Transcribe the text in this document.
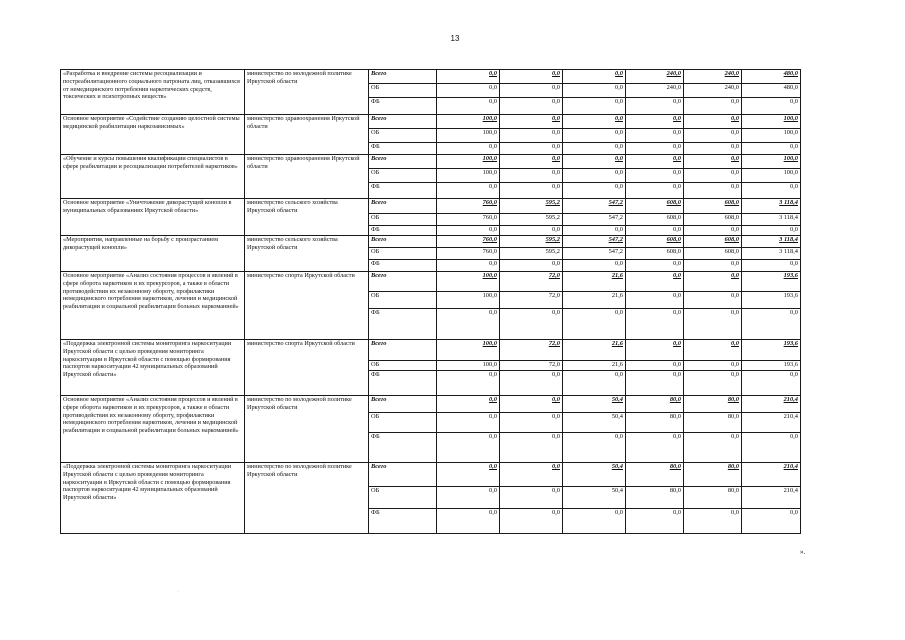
13
«Разработка и внедрение системы ресоциализации и постреабилитационного социального патроната лиц, отказавшихся от немедицинского потребления наркотических средств, токсических и психотропных веществ»	министерство по молодежной политике Иркутской области	Всего	0,0	0,0	0,0	240,0	240,0	480,0
		ОБ	0,0	0,0	0,0	240,0	240,0	480,0
		ФБ	0,0	0,0	0,0	0,0	0,0	0,0
Основное мероприятие «Содействие созданию целостной системы медицинской реабилитации наркозависимых»	министерство здравоохранения Иркутской области	Всего	100,0	0,0	0,0	0,0	0,0	100,0
		ОБ	100,0	0,0	0,0	0,0	0,0	100,0
		ФБ	0,0	0,0	0,0	0,0	0,0	0,0
«Обучение и курсы повышения квалификации специалистов в сфере реабилитации и ресоциализации потребителей наркотиков»	министерство здравоохранения Иркутской области	Всего	100,0	0,0	0,0	0,0	0,0	100,0
		ОБ	100,0	0,0	0,0	0,0	0,0	100,0
		ФБ	0,0	0,0	0,0	0,0	0,0	0,0
Основное мероприятие «Уничтожение дикорастущей конопли в муниципальных образованиях Иркутской области»	министерство сельского хозяйства Иркутской области	Всего	760,0	595,2	547,2	608,0	608,0	3 118,4
		ОБ	760,0	595,2	547,2	608,0	608,0	3 118,4
		ФБ	0,0	0,0	0,0	0,0	0,0	0,0
«Мероприятия, направленные на борьбу с произрастанием дикорастущей конопли»	министерство сельского хозяйства Иркутской области	Всего	760,0	595,2	547,2	608,0	608,0	3 118,4
		ОБ	760,0	595,2	547,2	608,0	608,0	3 118,4
		ФБ	0,0	0,0	0,0	0,0	0,0	0,0
Основное мероприятие «Анализ состояния процессов и явлений в сфере оборота наркотиков и их прекурсоров, а также в области противодействия их незаконному обороту, профилактики немедицинского потребления наркотиков, лечения и медицинской реабилитации и социальной реабилитации больных наркоманией»	министерство спорта Иркутской области	Всего	100,0	72,0	21,6	0,0	0,0	193,6
		ОБ	100,0	72,0	21,6	0,0	0,0	193,6
		ФБ	0,0	0,0	0,0	0,0	0,0	0,0
«Поддержка электронной системы мониторинга наркоситуации Иркутской области с целью проведения мониторинга наркоситуации в Иркутской области с помощью формирования паспортов наркоситуации 42 муниципальных образований Иркутской области»	министерство спорта Иркутской области	Всего	100,0	72,0	21,6	0,0	0,0	193,6
		ОБ	100,0	72,0	21,6	0,0	0,0	193,6
		ФБ	0,0	0,0	0,0	0,0	0,0	0,0
Основное мероприятие «Анализ состояния процессов и явлений в сфере оборота наркотиков и их прекурсоров, а также в области противодействия их незаконному обороту, профилактики немедицинского потребления наркотиков, лечения и медицинской реабилитации и социальной реабилитации больных наркоманией»	министерство по молодежной политике Иркутской области	Всего	0,0	0,0	50,4	80,0	80,0	210,4
		ОБ	0,0	0,0	50,4	80,0	80,0	210,4
		ФБ	0,0	0,0	0,0	0,0	0,0	0,0
«Поддержка электронной системы мониторинга наркоситуации Иркутской области с целью проведения мониторинга наркоситуации в Иркутской области с помощью формирования паспортов наркоситуации 42 муниципальных образований Иркутской области»	министерство по молодежной политике Иркутской области	Всего	0,0	0,0	50,4	80,0	80,0	210,4
		ОБ	0,0	0,0	50,4	80,0	80,0	210,4
		ФБ	0,0	0,0	0,0	0,0	0,0	0,0
».
·
